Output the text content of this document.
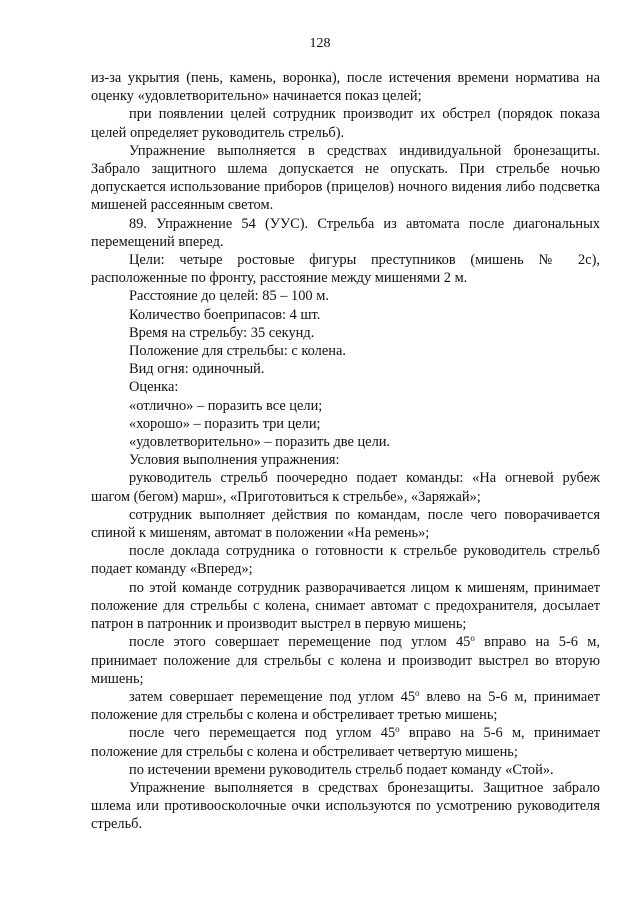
128

из-за укрытия (пень, камень, воронка), после истечения времени норматива на оценку «удовлетворительно» начинается показ целей;

при появлении целей сотрудник производит их обстрел (порядок показа целей определяет руководитель стрельб).

Упражнение выполняется в средствах индивидуальной бронезащиты. Забрало защитного шлема допускается не опускать. При стрельбе ночью допускается использование приборов (прицелов) ночного видения либо подсветка мишеней рассеянным светом.

89. Упражнение 54 (УУС). Стрельба из автомата после диагональных перемещений вперед.

Цели: четыре ростовые фигуры преступников (мишень № 2с), расположенные по фронту, расстояние между мишенями 2 м.

Расстояние до целей: 85 – 100 м.

Количество боеприпасов: 4 шт.

Время на стрельбу: 35 секунд.

Положение для стрельбы: с колена.

Вид огня: одиночный.

Оценка:

«отлично» – поразить все цели;

«хорошо» – поразить три цели;

«удовлетворительно» – поразить две цели.

Условия выполнения упражнения:

руководитель стрельб поочередно подает команды: «На огневой рубеж шагом (бегом) марш», «Приготовиться к стрельбе», «Заряжай»;

сотрудник выполняет действия по командам, после чего поворачивается спиной к мишеням, автомат в положении «На ремень»;

после доклада сотрудника о готовности к стрельбе руководитель стрельб подает команду «Вперед»;

по этой команде сотрудник разворачивается лицом к мишеням, принимает положение для стрельбы с колена, снимает автомат с предохранителя, досылает патрон в патронник и производит выстрел в первую мишень;

после этого совершает перемещение под углом $45^о$ вправо на 5-6 м, принимает положение для стрельбы с колена и производит выстрел во вторую мишень;

затем совершает перемещение под углом $45^о$ влево на 5-6 м, принимает положение для стрельбы с колена и обстреливает третью мишень;

после чего перемещается под углом $45^о$ вправо на 5-6 м, принимает положение для стрельбы с колена и обстреливает четвертую мишень;

по истечении времени руководитель стрельб подает команду «Стой».

Упражнение выполняется в средствах бронезащиты. Защитное забрало шлема или противоосколочные очки используются по усмотрению руководителя стрельб.
